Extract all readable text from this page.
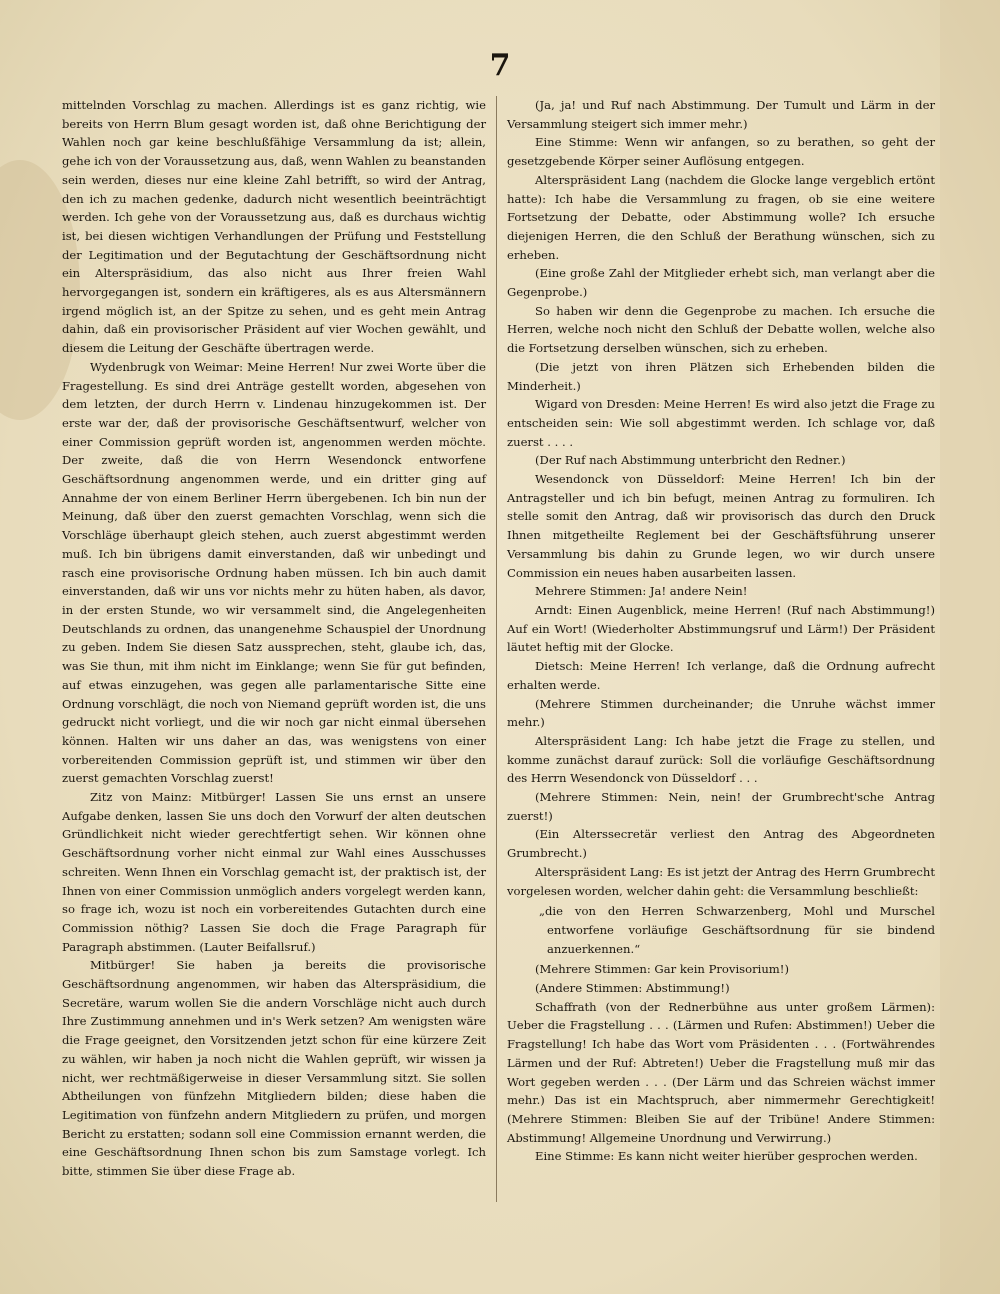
7

mittelnden Vorschlag zu machen. Allerdings ist es ganz richtig, wie bereits von Herrn Blum gesagt worden ist, daß ohne Berichtigung der Wahlen noch gar keine beschlußfähige Versammlung da ist; allein, gehe ich von der Voraussetzung aus, daß, wenn Wahlen zu beanstanden sein werden, dieses nur eine kleine Zahl betrifft, so wird der Antrag, den ich zu machen gedenke, dadurch nicht wesentlich beeinträchtigt werden. Ich gehe von der Voraussetzung aus, daß es durchaus wichtig ist, bei diesen wichtigen Verhandlungen der Prüfung und Feststellung der Legitimation und der Begutachtung der Geschäftsordnung nicht ein Alterspräsidium, das also nicht aus Ihrer freien Wahl hervorgegangen ist, sondern ein kräftigeres, als es aus Altersmännern irgend möglich ist, an der Spitze zu sehen, und es geht mein Antrag dahin, daß ein provisorischer Präsident auf vier Wochen gewählt, und diesem die Leitung der Geschäfte übertragen werde.

Wydenbrugk von Weimar: Meine Herren! Nur zwei Worte über die Fragestellung. Es sind drei Anträge gestellt worden, abgesehen von dem letzten, der durch Herrn v. Lindenau hinzugekommen ist. Der erste war der, daß der provisorische Geschäftsentwurf, welcher von einer Commission geprüft worden ist, angenommen werden möchte. Der zweite, daß die von Herrn Wesendonck entworfene Geschäftsordnung angenommen werde, und ein dritter ging auf Annahme der von einem Berliner Herrn übergebenen. Ich bin nun der Meinung, daß über den zuerst gemachten Vorschlag, wenn sich die Vorschläge überhaupt gleich stehen, auch zuerst abgestimmt werden muß. Ich bin übrigens damit einverstanden, daß wir unbedingt und rasch eine provisorische Ordnung haben müssen. Ich bin auch damit einverstanden, daß wir uns vor nichts mehr zu hüten haben, als davor, in der ersten Stunde, wo wir versammelt sind, die Angelegenheiten Deutschlands zu ordnen, das unangenehme Schauspiel der Unordnung zu geben. Indem Sie diesen Satz aussprechen, steht, glaube ich, das, was Sie thun, mit ihm nicht im Einklange; wenn Sie für gut befinden, auf etwas einzugehen, was gegen alle parlamentarische Sitte eine Ordnung vorschlägt, die noch von Niemand geprüft worden ist, die uns gedruckt nicht vorliegt, und die wir noch gar nicht einmal übersehen können. Halten wir uns daher an das, was wenigstens von einer vorbereitenden Commission geprüft ist, und stimmen wir über den zuerst gemachten Vorschlag zuerst!

Zitz von Mainz: Mitbürger! Lassen Sie uns ernst an unsere Aufgabe denken, lassen Sie uns doch den Vorwurf der alten deutschen Gründlichkeit nicht wieder gerechtfertigt sehen. Wir können ohne Geschäftsordnung vorher nicht einmal zur Wahl eines Ausschusses schreiten. Wenn Ihnen ein Vorschlag gemacht ist, der praktisch ist, der Ihnen von einer Commission unmöglich anders vorgelegt werden kann, so frage ich, wozu ist noch ein vorbereitendes Gutachten durch eine Commission nöthig? Lassen Sie doch die Frage Paragraph für Paragraph abstimmen. (Lauter Beifallsruf.)

Mitbürger! Sie haben ja bereits die provisorische Geschäftsordnung angenommen, wir haben das Alterspräsidium, die Secretäre, warum wollen Sie die andern Vorschläge nicht auch durch Ihre Zustimmung annehmen und in's Werk setzen? Am wenigsten wäre die Frage geeignet, den Vorsitzenden jetzt schon für eine kürzere Zeit zu wählen, wir haben ja noch nicht die Wahlen geprüft, wir wissen ja nicht, wer rechtmäßigerweise in dieser Versammlung sitzt. Sie sollen Abtheilungen von fünfzehn Mitgliedern bilden; diese haben die Legitimation von fünfzehn andern Mitgliedern zu prüfen, und morgen Bericht zu erstatten; sodann soll eine Commission ernannt werden, die eine Geschäftsordnung Ihnen schon bis zum Samstage vorlegt. Ich bitte, stimmen Sie über diese Frage ab.

(Ja, ja! und Ruf nach Abstimmung. Der Tumult und Lärm in der Versammlung steigert sich immer mehr.)

Eine Stimme: Wenn wir anfangen, so zu berathen, so geht der gesetzgebende Körper seiner Auflösung entgegen.

Alterspräsident Lang (nachdem die Glocke lange vergeblich ertönt hatte): Ich habe die Versammlung zu fragen, ob sie eine weitere Fortsetzung der Debatte, oder Abstimmung wolle? Ich ersuche diejenigen Herren, die den Schluß der Berathung wünschen, sich zu erheben.

(Eine große Zahl der Mitglieder erhebt sich, man verlangt aber die Gegenprobe.)

So haben wir denn die Gegenprobe zu machen. Ich ersuche die Herren, welche noch nicht den Schluß der Debatte wollen, welche also die Fortsetzung derselben wünschen, sich zu erheben.

(Die jetzt von ihren Plätzen sich Erhebenden bilden die Minderheit.)

Wigard von Dresden: Meine Herren! Es wird also jetzt die Frage zu entscheiden sein: Wie soll abgestimmt werden. Ich schlage vor, daß zuerst . . . .

(Der Ruf nach Abstimmung unterbricht den Redner.)

Wesendonck von Düsseldorf: Meine Herren! Ich bin der Antragsteller und ich bin befugt, meinen Antrag zu formuliren. Ich stelle somit den Antrag, daß wir provisorisch das durch den Druck Ihnen mitgetheilte Reglement bei der Geschäftsführung unserer Versammlung bis dahin zu Grunde legen, wo wir durch unsere Commission ein neues haben ausarbeiten lassen.

Mehrere Stimmen: Ja! andere Nein!

Arndt: Einen Augenblick, meine Herren! (Ruf nach Abstimmung!) Auf ein Wort! (Wiederholter Abstimmungsruf und Lärm!) Der Präsident läutet heftig mit der Glocke.

Dietsch: Meine Herren! Ich verlange, daß die Ordnung aufrecht erhalten werde.

(Mehrere Stimmen durcheinander; die Unruhe wächst immer mehr.)

Alterspräsident Lang: Ich habe jetzt die Frage zu stellen, und komme zunächst darauf zurück: Soll die vorläufige Geschäftsordnung des Herrn Wesendonck von Düsseldorf . . .

(Mehrere Stimmen: Nein, nein! der Grumbrecht'sche Antrag zuerst!)

(Ein Alterssecretär verliest den Antrag des Abgeordneten Grumbrecht.)

Alterspräsident Lang: Es ist jetzt der Antrag des Herrn Grumbrecht vorgelesen worden, welcher dahin geht: die Versammlung beschließt:

„die von den Herren Schwarzenberg, Mohl und Murschel entworfene vorläufige Geschäftsordnung für sie bindend anzuerkennen.“

(Mehrere Stimmen: Gar kein Provisorium!)

(Andere Stimmen: Abstimmung!)

Schaffrath (von der Rednerbühne aus unter großem Lärmen): Ueber die Fragstellung . . . (Lärmen und Rufen: Abstimmen!) Ueber die Fragstellung! Ich habe das Wort vom Präsidenten . . . (Fortwährendes Lärmen und der Ruf: Abtreten!) Ueber die Fragstellung muß mir das Wort gegeben werden . . . (Der Lärm und das Schreien wächst immer mehr.) Das ist ein Machtspruch, aber nimmermehr Gerechtigkeit! (Mehrere Stimmen: Bleiben Sie auf der Tribüne! Andere Stimmen: Abstimmung! Allgemeine Unordnung und Verwirrung.)

Eine Stimme: Es kann nicht weiter hierüber gesprochen werden.
